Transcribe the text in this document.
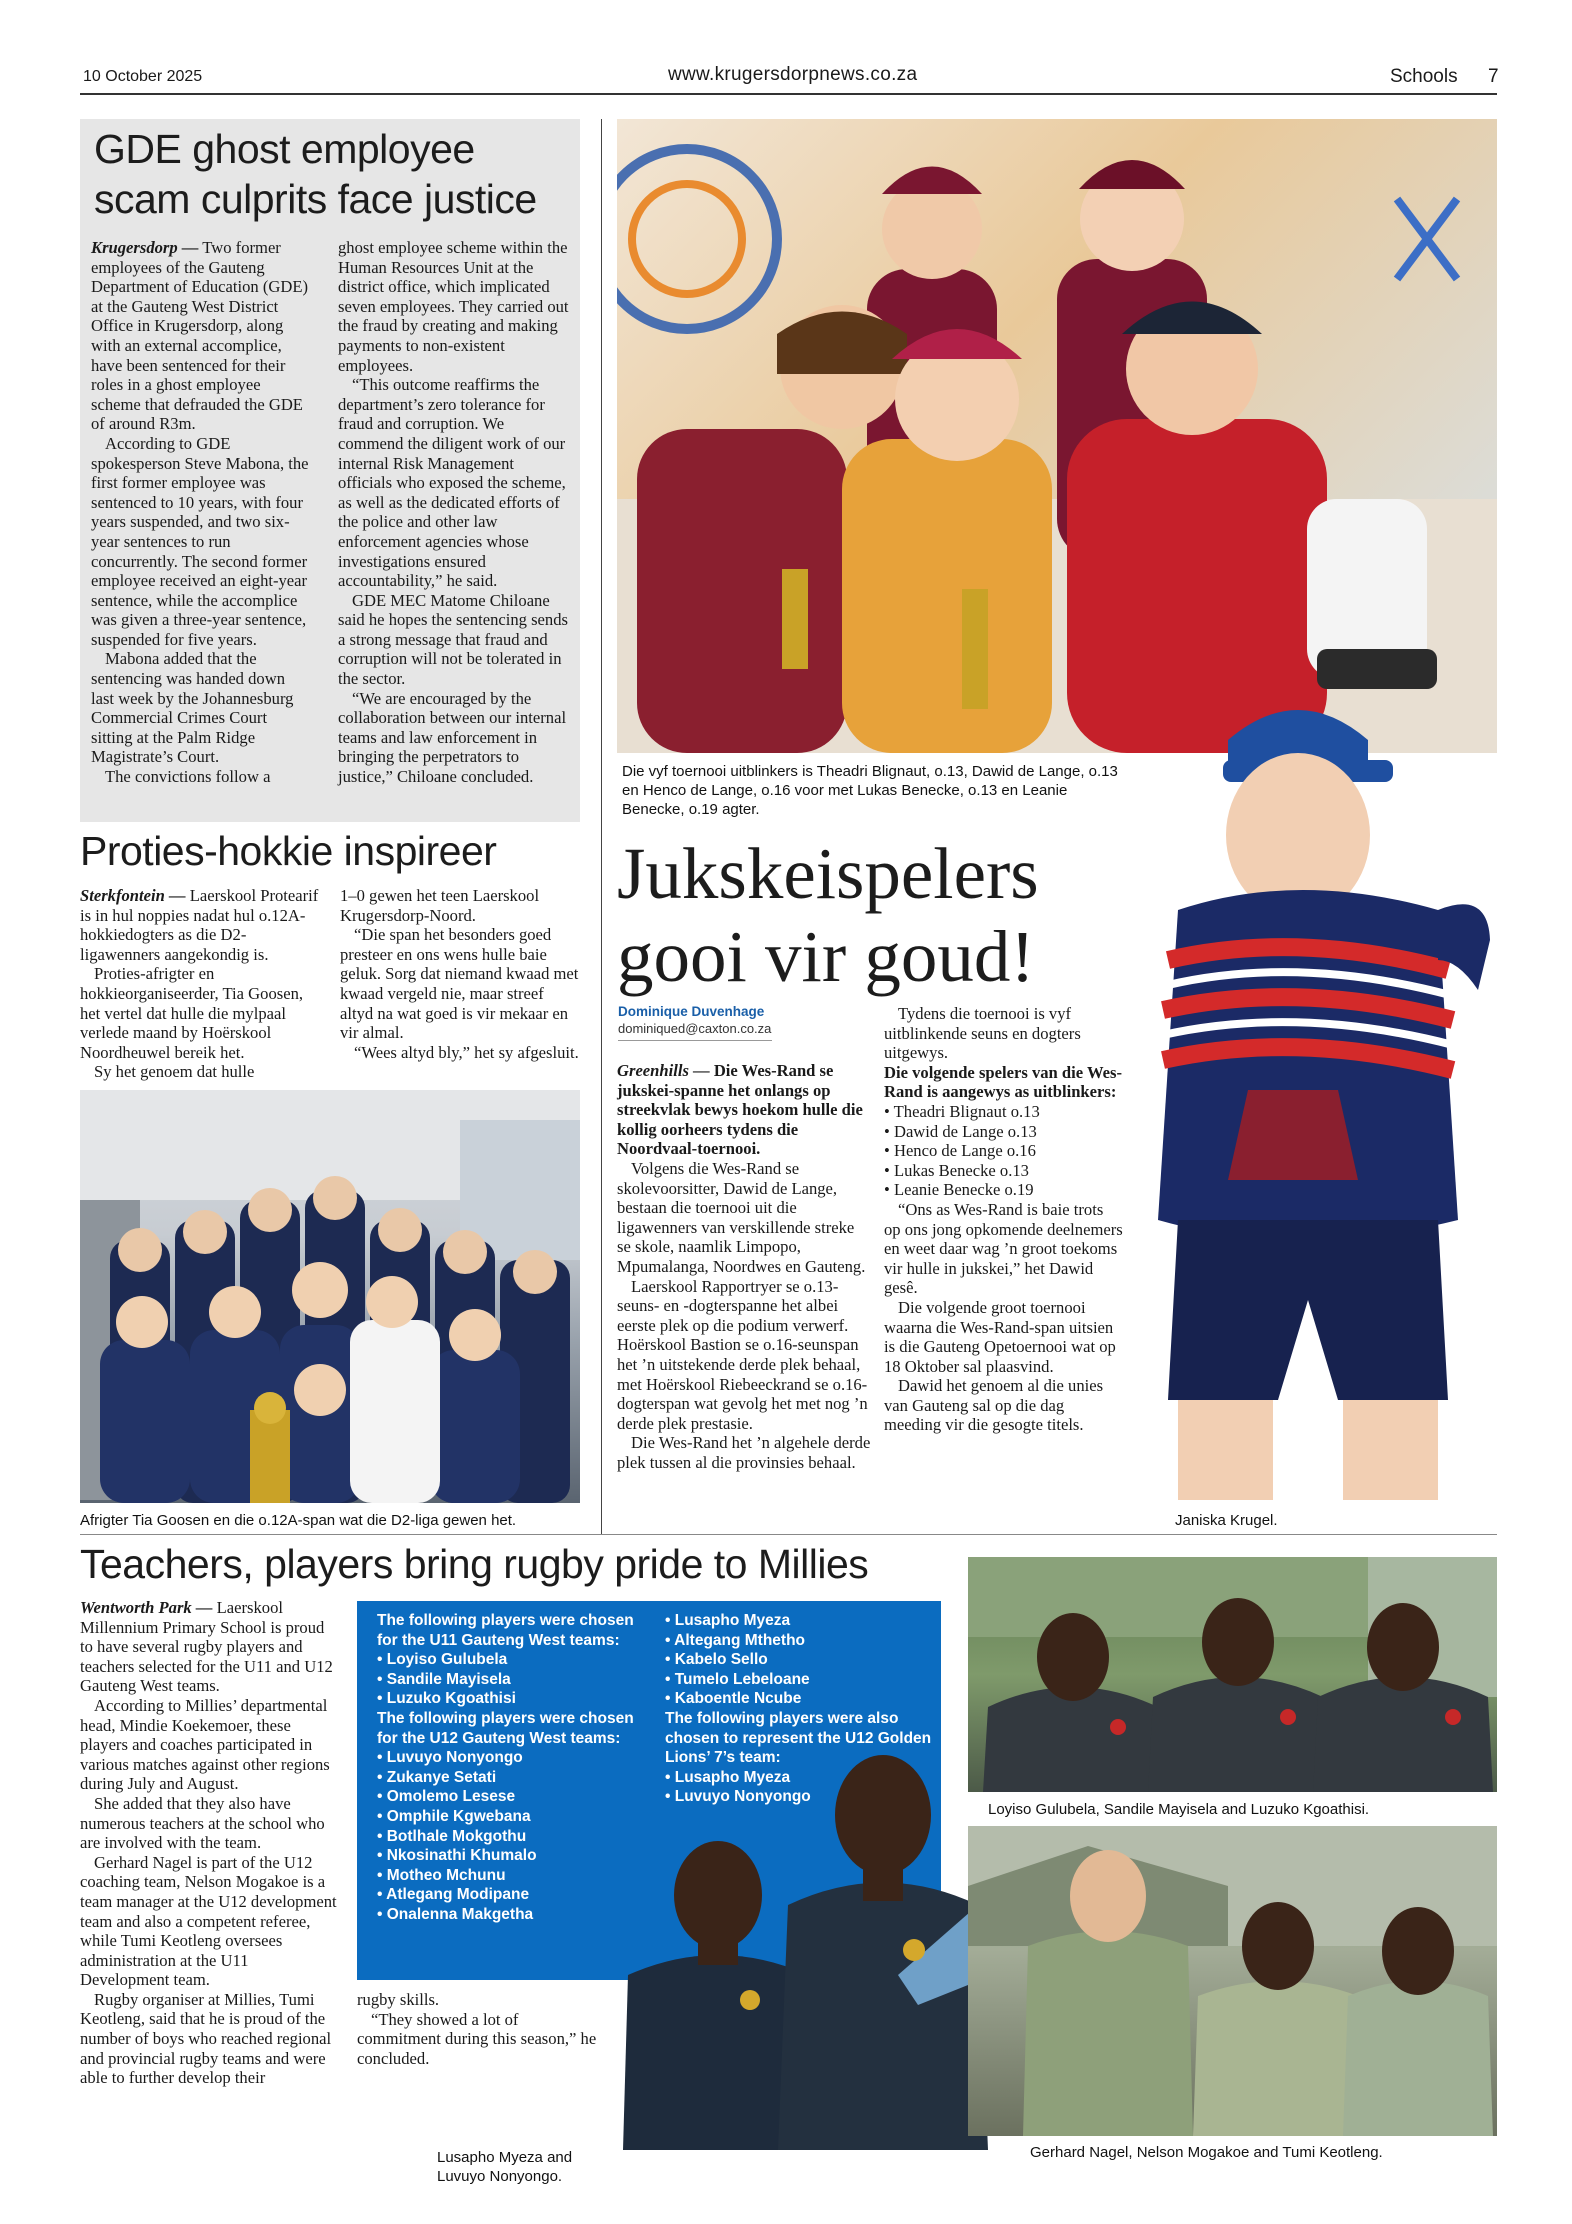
10 October 2025	www.krugersdorpnews.co.za	Schools 7
GDE ghost employee
scam culprits face justice

Krugersdorp — Two former employees of the Gauteng Department of Education (GDE) at the Gauteng West District Office in Krugersdorp, along with an external accomplice, have been sentenced for their roles in a ghost employee scheme that defrauded the GDE of around R3m.

According to GDE spokesperson Steve Mabona, the first former employee was sentenced to 10 years, with four years suspended, and two six-year sentences to run concurrently. The second former employee received an eight-year sentence, while the accomplice was given a three-year sentence, suspended for five years.

Mabona added that the sentencing was handed down last week by the Johannesburg Commercial Crimes Court sitting at the Palm Ridge Magistrate’s Court.

The convictions follow a

ghost employee scheme within the Human Resources Unit at the district office, which implicated seven employees. They carried out the fraud by creating and making payments to non-existent employees.

“This outcome reaffirms the department’s zero tolerance for fraud and corruption. We commend the diligent work of our internal Risk Management officials who exposed the scheme, as well as the dedicated efforts of the police and other law enforcement agencies whose investigations ensured accountability,” he said.

GDE MEC Matome Chiloane said he hopes the sentencing sends a strong message that fraud and corruption will not be tolerated in the sector.

“We are encouraged by the collaboration between our internal teams and law enforcement in bringing the perpetrators to justice,” Chiloane concluded.

Proties-hokkie inspireer

Sterkfontein — Laerskool Protearif is in hul noppies nadat hul o.12A-hokkiedogters as die D2-ligawenners aangekondig is.

Proties-afrigter en hokkieorganiseerder, Tia Goosen, het vertel dat hulle die mylpaal verlede maand by Hoërskool Noordheuwel bereik het.

Sy het genoem dat hulle

1–0 gewen het teen Laerskool Krugersdorp-Noord.

“Die span het besonders goed presteer en ons wens hulle baie geluk. Sorg dat niemand kwaad met kwaad vergeld nie, maar streef altyd na wat goed is vir mekaar en vir almal.

“Wees altyd bly,” het sy afgesluit.

Afrigter Tia Goosen en die o.12A-span wat die D2-liga gewen het.
Die vyf toernooi uitblinkers is Theadri Blignaut, o.13, Dawid de Lange, o.13 en Henco de Lange, o.16 voor met Lukas Benecke, o.13 en Leanie Benecke, o.19 agter.
Jukskeispelers
gooi vir goud!
Dominique Duvenhage
dominiqued@caxton.co.za

Greenhills — Die Wes-Rand se jukskei-spanne het onlangs op streekvlak bewys hoekom hulle die kollig oorheers tydens die Noordvaal-toernooi.

Volgens die Wes-Rand se skolevoorsitter, Dawid de Lange, bestaan die toernooi uit die ligawenners van verskillende streke se skole, naamlik Limpopo, Mpumalanga, Noordwes en Gauteng.

Laerskool Rapportryer se o.13-seuns- en -dogterspanne het albei eerste plek op die podium verwerf. Hoërskool Bastion se o.16-seunspan het ’n uitstekende derde plek behaal, met Hoërskool Riebeeckrand se o.16-dogterspan wat gevolg het met nog ’n derde plek prestasie.

Die Wes-Rand het ’n algehele derde plek tussen al die provinsies behaal.

Tydens die toernooi is vyf uitblinkende seuns en dogters uitgewys.

Die volgende spelers van die Wes-Rand is aangewys as uitblinkers:

• Theadri Blignaut o.13
• Dawid de Lange o.13
• Henco de Lange o.16
• Lukas Benecke o.13
• Leanie Benecke o.19

“Ons as Wes-Rand is baie trots op ons jong opkomende deelnemers en weet daar wag ’n groot toekoms vir hulle in jukskei,” het Dawid gesê.

Die volgende groot toernooi waarna die Wes-Rand-span uitsien is die Gauteng Opetoernooi wat op 18 Oktober sal plaasvind.

Dawid het genoem al die unies van Gauteng sal op die dag meeding vir die gesogte titels.

Janiska Krugel.
Teachers, players bring rugby pride to Millies

Wentworth Park — Laerskool Millennium Primary School is proud to have several rugby players and teachers selected for the U11 and U12 Gauteng West teams.

According to Millies’ departmental head, Mindie Koekemoer, these players and coaches participated in various matches against other regions during July and August.

She added that they also have numerous teachers at the school who are involved with the team.

Gerhard Nagel is part of the U12 coaching team, Nelson Mogakoe is a team manager at the U12 development team and also a competent referee, while Tumi Keotleng oversees administration at the U11 Development team.

Rugby organiser at Millies, Tumi Keotleng, said that he is proud of the number of boys who reached regional and provincial rugby teams and were able to further develop their

The following players were chosen for the U11 Gauteng West teams:
• Loyiso Gulubela
• Sandile Mayisela
• Luzuko Kgoathisi
The following players were chosen for the U12 Gauteng West teams:
• Luvuyo Nonyongo
• Zukanye Setati
• Omolemo Lesese
• Omphile Kgwebana
• Botlhale Mokgothu
• Nkosinathi Khumalo
• Motheo Mchunu
• Atlegang Modipane
• Onalenna Makgetha
• Lusapho Myeza
• Altegang Mthetho
• Kabelo Sello
• Tumelo Lebeloane
• Kaboentle Ncube
The following players were also chosen to represent the U12 Golden Lions’ 7’s team:
• Lusapho Myeza
• Luvuyo Nonyongo

rugby skills.

“They showed a lot of commitment during this season,” he concluded.

Lusapho Myeza and
Luvuyo Nonyongo.
Loyiso Gulubela, Sandile Mayisela and Luzuko Kgoathisi.
Gerhard Nagel, Nelson Mogakoe and Tumi Keotleng.
